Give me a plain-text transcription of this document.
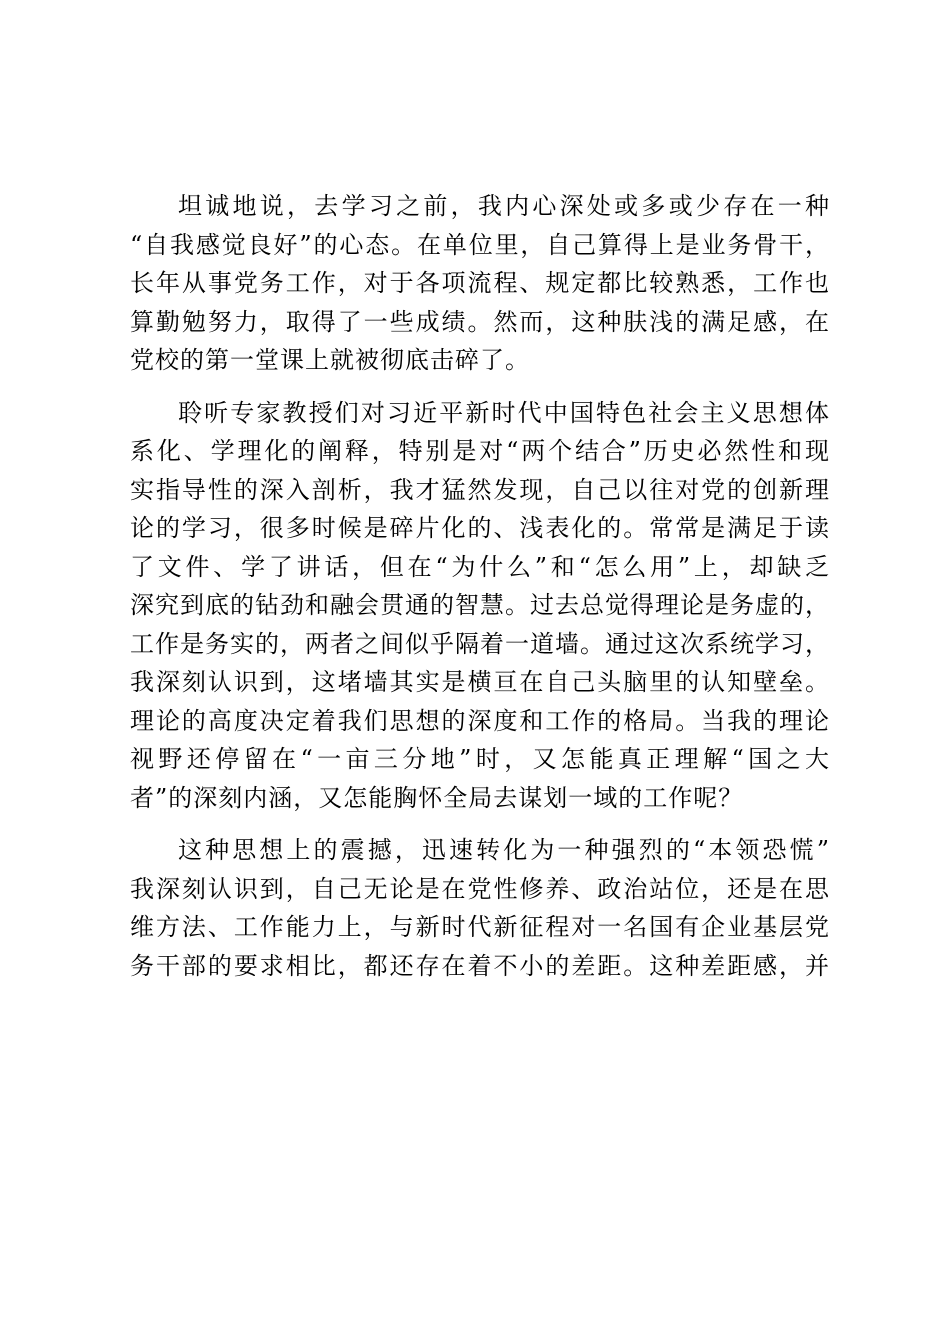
坦诚地说，去学习之前，我内心深处或多或少存在一种
“自我感觉良好”的心态。在单位里，自己算得上是业务骨干，
长年从事党务工作，对于各项流程、规定都比较熟悉，工作也
算勤勉努力，取得了一些成绩。然而，这种肤浅的满足感，在
党校的第一堂课上就被彻底击碎了。
聆听专家教授们对习近平新时代中国特色社会主义思想体
系化、学理化的阐释，特别是对“两个结合”历史必然性和现
实指导性的深入剖析，我才猛然发现，自己以往对党的创新理
论的学习，很多时候是碎片化的、浅表化的。常常是满足于读
了文件、学了讲话，但在“为什么”和“怎么用”上，却缺乏
深究到底的钻劲和融会贯通的智慧。过去总觉得理论是务虚的，
工作是务实的，两者之间似乎隔着一道墙。通过这次系统学习，
我深刻认识到，这堵墙其实是横亘在自己头脑里的认知壁垒。
理论的高度决定着我们思想的深度和工作的格局。当我的理论
视野还停留在“一亩三分地”时，又怎能真正理解“国之大
者”的深刻内涵，又怎能胸怀全局去谋划一域的工作呢？
这种思想上的震撼，迅速转化为一种强烈的“本领恐慌”
我深刻认识到，自己无论是在党性修养、政治站位，还是在思
维方法、工作能力上，与新时代新征程对一名国有企业基层党
务干部的要求相比，都还存在着不小的差距。这种差距感，并
